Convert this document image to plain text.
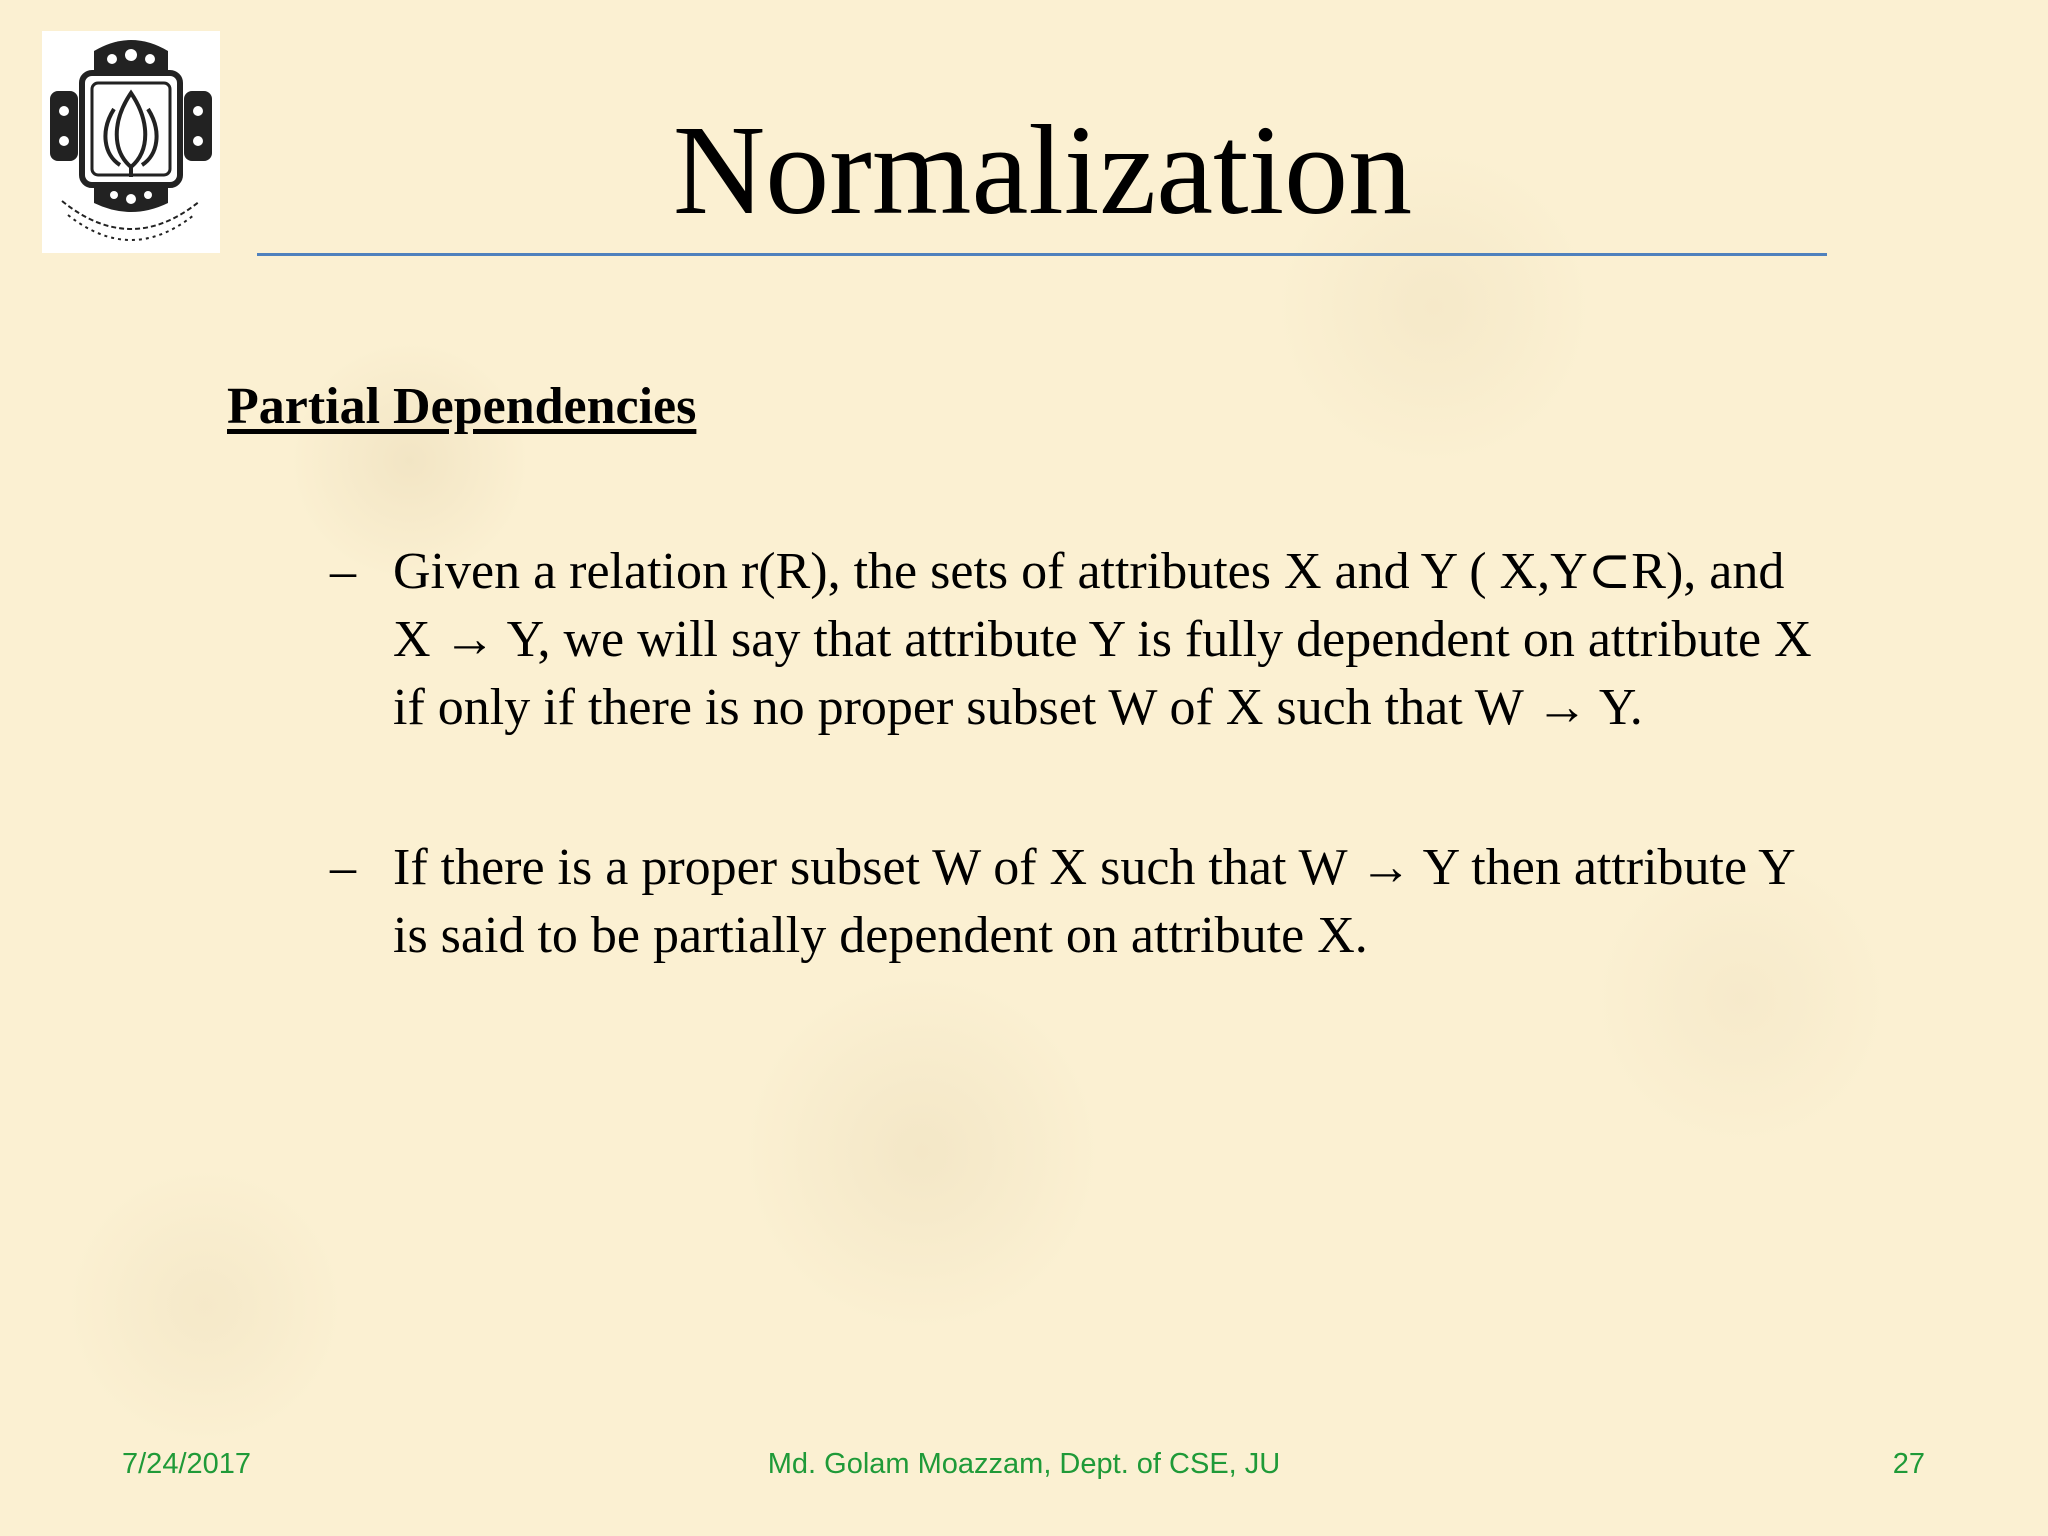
Normalization
Partial Dependencies
– Given a relation r(R), the sets of attributes X and Y ( X,Y⊂R), and X → Y, we will say that attribute Y is fully dependent on attribute X if only if there is no proper subset W of X such that W → Y.
– If there is a proper subset W of X such that W → Y then attribute Y is said to be partially dependent on attribute X.
7/24/2017	Md. Golam Moazzam, Dept. of CSE, JU	27
